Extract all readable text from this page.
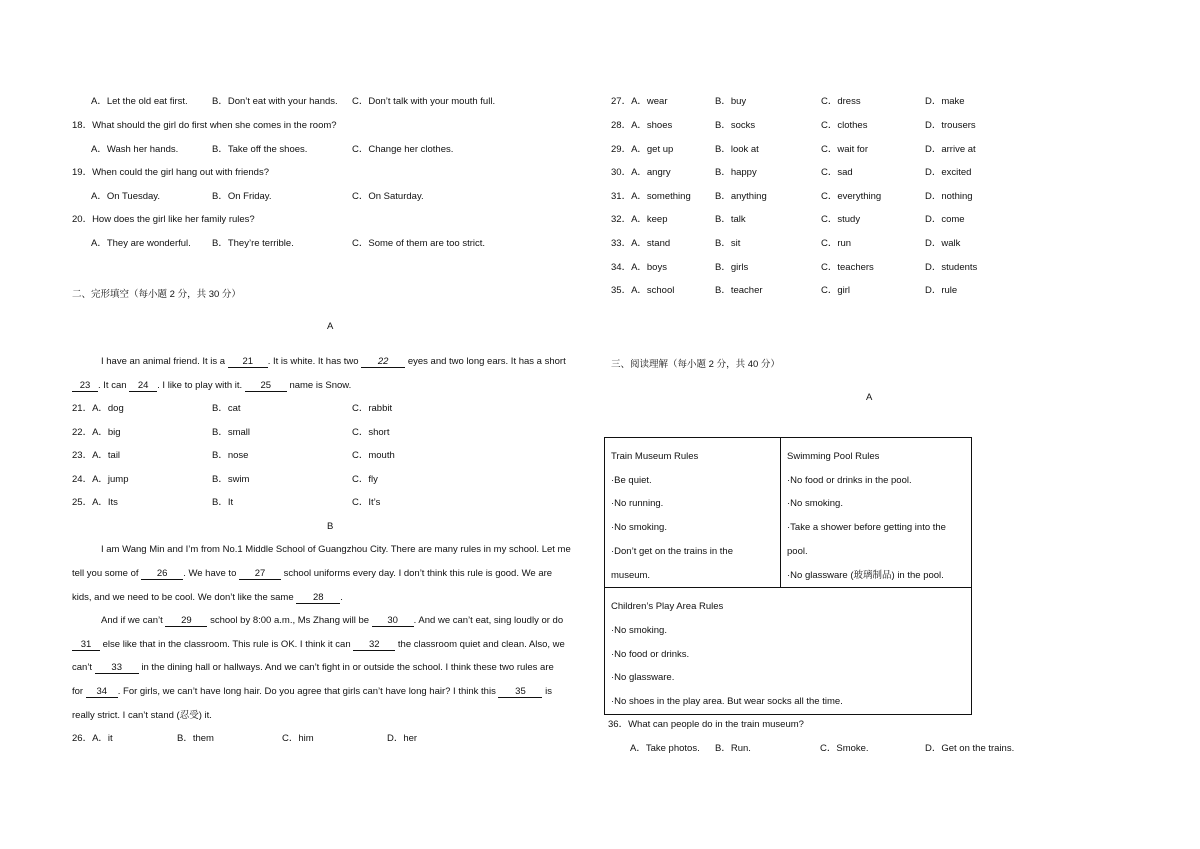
A．Let the old eat first.	B．Don’t eat with your hands. C．Don’t talk with your mouth full.
18．What should the girl do first when she comes in the room?
A．Wash her hands.	B．Take off the shoes.	C．Change her clothes.
19．When could the girl hang out with friends?
A．On Tuesday.	B．On Friday.	C．On Saturday.
20．How does the girl like her family rules?
A．They are wonderful. B．They’re terrible.	C．Some of them are too strict.
二、完形填空（每小题 2 分，共 30 分）
A
I have an animal friend. It is a 21 . It is white. It has two 22 eyes and two long ears. It has a short
23 . It can 24 . I like to play with it. 25 name is Snow.
21．A．dog	B．cat	C．rabbit
22．A．big	B．small	C．short
23．A．tail	B．nose	C．mouth
24．A．jump	B．swim	C．fly
25．A．Its	B．It	C．It’s
B
I am Wang Min and I’m from No.1 Middle School of Guangzhou City. There are many rules in my school. Let me
tell you some of 26 . We have to 27 school uniforms every day. I don’t think this rule is good. We are
kids, and we need to be cool. We don’t like the same 28 .
And if we can’t 29 school by 8:00 a.m., Ms Zhang will be 30 . And we can’t eat, sing loudly or do
31 else like that in the classroom. This rule is OK. I think it can 32 the classroom quiet and clean. Also, we
can’t 33 in the dining hall or hallways. And we can’t fight in or outside the school. I think these two rules are
for 34 . For girls, we can’t have long hair. Do you agree that girls can’t have long hair? I think this 35 is
really strict. I can’t stand (忍受) it.
26．A．it	B．them	C．him	D．her
27．A．wear	B．buy	C．dress	D．make
28．A．shoes	B．socks	C．clothes	D．trousers
29．A．get up	B．look at	C．wait for	D．arrive at
30．A．angry	B．happy	C．sad	D．excited
31．A．something	B．anything	C．everything	D．nothing
32．A．keep	B．talk	C．study	D．come
33．A．stand	B．sit	C．run	D．walk
34．A．boys	B．girls	C．teachers	D．students
35．A．school	B．teacher	C．girl	D．rule
三、阅读理解（每小题 2 分，共 40 分）
A
36．What can people do in the train museum?
A．Take photos. B．Run.	C．Smoke.	D．Get on the trains.
Train Museum Rules
·Be quiet.
·No running.
·No smoking.
·Don’t get on the trains in the museum.

Swimming Pool Rules
·No food or drinks in the pool.
·No smoking.
·Take a shower before getting into the pool.
·No glassware (玻璃制品) in the pool.

Children’s Play Area Rules
·No smoking.
·No food or drinks.
·No glassware.
·No shoes in the play area. But wear socks all the time.
